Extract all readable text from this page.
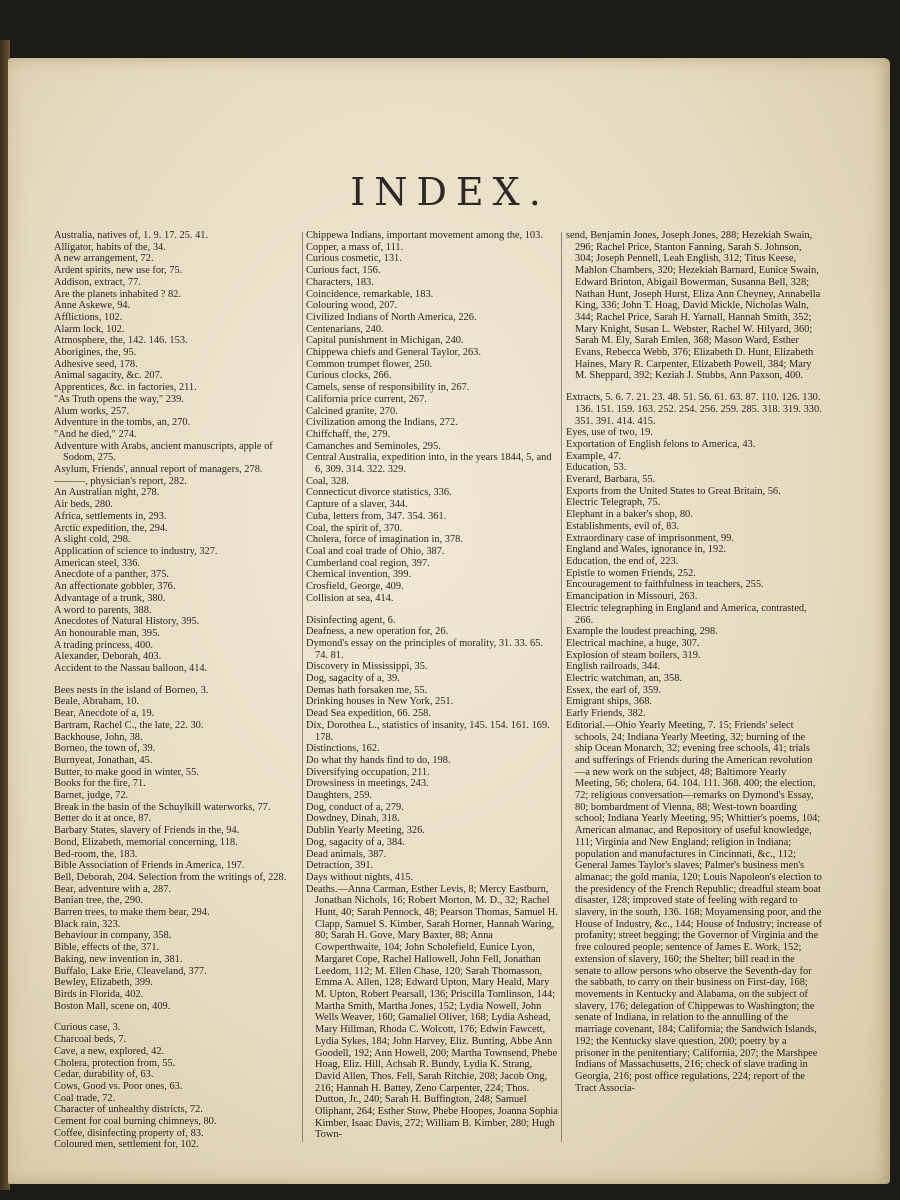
INDEX.
Australia, natives of, 1. 9. 17. 25. 41.
Alligator, habits of the, 34.
A new arrangement, 72.
Ardent spirits, new use for, 75.
Addison, extract, 77.
Are the planets inhabited ? 82.
Anne Askewe, 94.
Afflictions, 102.
Alarm lock, 102.
Atmosphere, the, 142. 146. 153.
Aborigines, the, 95.
Adhesive seed, 178.
Animal sagacity, &c. 207.
Apprentices, &c. in factories, 211.
"As Truth opens the way," 239.
Alum works, 257.
Adventure in the tombs, an, 270.
"And he died," 274.
Adventure with Arabs, ancient manuscripts, apple of Sodom, 275.
Asylum, Friends', annual report of managers, 278.
———, physician's report, 282.
An Australian night, 278.
Air beds, 280.
Africa, settlements in, 293.
Arctic expedition, the, 294.
A slight cold, 298.
Application of science to industry, 327.
American steel, 336.
Anecdote of a panther, 375.
An affectionate gobbler, 376.
Advantage of a trunk, 380.
A word to parents, 388.
Anecdotes of Natural History, 395.
An honourable man, 395.
A trading princess, 400.
Alexander, Deborah, 403.
Accident to the Nassau balloon, 414.
Bees nests in the island of Borneo, 3.
Beale, Abraham, 10.
Bear, Anecdote of a, 19.
Bartram, Rachel C., the late, 22. 30.
Backhouse, John, 38.
Borneo, the town of, 39.
Burnyeat, Jonathan, 45.
Butter, to make good in winter, 55.
Books for the fire, 71.
Barnet, judge, 72.
Break in the basin of the Schuylkill waterworks, 77.
Better do it at once, 87.
Barbary States, slavery of Friends in the, 94.
Bond, Elizabeth, memorial concerning, 118.
Bed-room, the, 183.
Bible Association of Friends in America, 197.
Bell, Deborah, 204. Selection from the writings of, 228.
Bear, adventure with a, 287.
Banian tree, the, 290.
Barren trees, to make them bear, 294.
Black rain, 323.
Behaviour in company, 358.
Bible, effects of the, 371.
Baking, new invention in, 381.
Buffalo, Lake Erie, Cleaveland, 377.
Bewley, Elizabeth, 399.
Birds in Florida, 402.
Boston Mall, scene on, 409.
Curious case, 3.
Charcoal beds, 7.
Cave, a new, explored, 42.
Cholera, protection from, 55.
Cedar, durability of, 63.
Cows, Good vs. Poor ones, 63.
Coal trade, 72.
Character of unhealthy districts, 72.
Cement for coal burning chimneys, 80.
Coffee, disinfecting property of, 83.
Coloured men, settlement for, 102.
Chippewa Indians, important movement among the, 103.
Copper, a mass of, 111.
Curious cosmetic, 131.
Curious fact, 156.
Characters, 183.
Coincidence, remarkable, 183.
Colouring wood, 207.
Civilized Indians of North America, 226.
Centenarians, 240.
Capital punishment in Michigan, 240.
Chippewa chiefs and General Taylor, 263.
Common trumpet flower, 250.
Curious clocks, 266.
Camels, sense of responsibility in, 267.
California price current, 267.
Calcined granite, 270.
Civilization among the Indians, 272.
Chiffchaff, the, 279.
Camanches and Seminoles, 295.
Central Australia, expedition into, in the years 1844, 5, and 6, 309. 314. 322. 329.
Coal, 328.
Connecticut divorce statistics, 336.
Capture of a slaver, 344.
Cuba, letters from, 347. 354. 361.
Coal, the spirit of, 370.
Cholera, force of imagination in, 378.
Coal and coal trade of Ohio, 387.
Cumberland coal region, 397.
Chemical invention, 399.
Crosfield, George, 409.
Collision at sea, 414.
Disinfecting agent, 6.
Deafness, a new operation for, 26.
Dymond's essay on the principles of morality, 31. 33. 65. 74. 81.
Discovery in Mississippi, 35.
Dog, sagacity of a, 39.
Demas hath forsaken me, 55.
Drinking houses in New York, 251.
Dead Sea expedition, 66. 258.
Dix, Dorothea L., statistics of insanity, 145. 154. 161. 169. 178.
Distinctions, 162.
Do what thy hands find to do, 198.
Diversifying occupation, 211.
Drowsiness in meetings, 243.
Daughters, 259.
Dog, conduct of a, 279.
Dowdney, Dinah, 318.
Dublin Yearly Meeting, 326.
Dog, sagacity of a, 384.
Dead animals, 387.
Detraction, 391.
Days without nights, 415.
Deaths.—Anna Carman, Esther Levis, 8; Mercy Eastburn, Jonathan Nichols, 16; Robert Morton, M. D., 32; Rachel Hunt, 40; Sarah Pennock, 48; Pearson Thomas, Samuel H. Clapp, Samuel S. Kimber, Sarah Horner, Hannah Waring, 80; Sarah H. Gove, Mary Baxter, 88; Anna Cowperthwaite, 104; John Scholefield, Eunice Lyon, Margaret Cope, Rachel Hallowell, John Fell, Jonathan Leedom, 112; M. Ellen Chase, 120; Sarah Thomasson, Emma A. Allen, 128; Edward Upton, Mary Heald, Mary M. Upton, Robert Pearsall, 136; Priscilla Tomlinson, 144; Martha Smith, Martha Jones, 152; Lydia Nowell, John Wells Weaver, 160; Gamaliel Oliver, 168; Lydia Ashead, Mary Hillman, Rhoda C. Wolcott, 176; Edwin Fawcett, Lydia Sykes, 184; John Harvey, Eliz. Bunting, Abbe Ann Goodell, 192; Ann Howell, 200; Martha Townsend, Phebe Hoag, Eliz. Hill, Achsah R. Bundy, Lydia K. Strang, David Allen, Thos. Fell, Sarah Ritchie, 208; Jacob Ong, 216; Hannah H. Battey, Zeno Carpenter, 224; Thos. Dutton, Jr., 240; Sarah H. Buffington, 248; Samuel Oliphant, 264; Esther Stow, Phebe Hoopes, Joanna Sophia Kimber, Isaac Davis, 272; William B. Kimber, 280; Hugh Town-
send, Benjamin Jones, Joseph Jones, 288; Hezekiah Swain, 296; Rachel Price, Stanton Fanning, Sarah S. Johnson, 304; Joseph Pennell, Leah English, 312; Titus Keese, Mahlon Chambers, 320; Hezekiah Barnard, Eunice Swain, Edward Brinton, Abigail Bowerman, Susanna Bell, 328; Nathan Hunt, Joseph Hurst, Eliza Ann Cheyney, Annabella King, 336; John T. Hoag, David Mickle, Nicholas Waln, 344; Rachel Price, Sarah H. Yarnall, Hannah Smith, 352; Mary Knight, Susan L. Webster, Rachel W. Hilyard, 360; Sarah M. Ely, Sarah Emlen, 368; Mason Ward, Esther Evans, Rebecca Webb, 376; Elizabeth D. Hunt, Elizabeth Haines, Mary R. Carpenter, Elizabeth Powell, 384; Mary M. Sheppard, 392; Keziah J. Stubbs, Ann Paxson, 400.
Extracts, 5. 6. 7. 21. 23. 48. 51. 56. 61. 63. 87. 110. 126. 130. 136. 151. 159. 163. 252. 254. 256. 259. 285. 318. 319. 330. 351. 391. 414. 415.
Eyes, use of two, 19.
Exportation of English felons to America, 43.
Example, 47.
Education, 53.
Everard, Barbara, 55.
Exports from the United States to Great Britain, 56.
Electric Telegraph, 75.
Elephant in a baker's shop, 80.
Establishments, evil of, 83.
Extraordinary case of imprisonment, 99.
England and Wales, ignorance in, 192.
Education, the end of, 223.
Epistle to women Friends, 252.
Encouragement to faithfulness in teachers, 255.
Emancipation in Missouri, 263.
Electric telegraphing in England and America, contrasted, 266.
Example the loudest preaching, 298.
Electrical machine, a huge, 307.
Explosion of steam boilers, 319.
English railroads, 344.
Electric watchman, an, 358.
Essex, the earl of, 359.
Emigrant ships, 368.
Early Friends, 382.
Editorial.—Ohio Yearly Meeting, 7. 15; Friends' select schools, 24; Indiana Yearly Meeting, 32; burning of the ship Ocean Monarch, 32; evening free schools, 41; trials and sufferings of Friends during the American revolution—a new work on the subject, 48; Baltimore Yearly Meeting, 56; cholera, 64. 104. 111. 368. 400; the election, 72; religious conversation—remarks on Dymond's Essay, 80; bombardment of Vienna, 88; West-town boarding school; Indiana Yearly Meeting, 95; Whittier's poems, 104; American almanac, and Repository of useful knowledge, 111; Virginia and New England; religion in Indiana; population and manufactures in Cincinnati, &c., 112; General James Taylor's slaves; Palmer's business men's almanac; the gold mania, 120; Louis Napoleon's election to the presidency of the French Republic; dreadful steam boat disaster, 128; improved state of feeling with regard to slavery, in the south, 136. 168; Moyamensing poor, and the House of Industry, &c., 144; House of Industry; increase of profanity; street begging; the Governor of Virginia and the free coloured people; sentence of James E. Work, 152; extension of slavery, 160; the Shelter; bill read in the senate to allow persons who observe the Seventh-day for the sabbath, to carry on their business on First-day, 168; movements in Kentucky and Alabama, on the subject of slavery, 176; delegation of Chippewas to Washington; the senate of Indiana, in relation to the annulling of the marriage covenant, 184; California; the Sandwich Islands, 192; the Kentucky slave question, 200; poetry by a prisoner in the penitentiary; California, 207; the Marshpee Indians of Massachusetts, 216; check of slave trading in Georgia, 216; post office regulations, 224; report of the Tract Associa-
